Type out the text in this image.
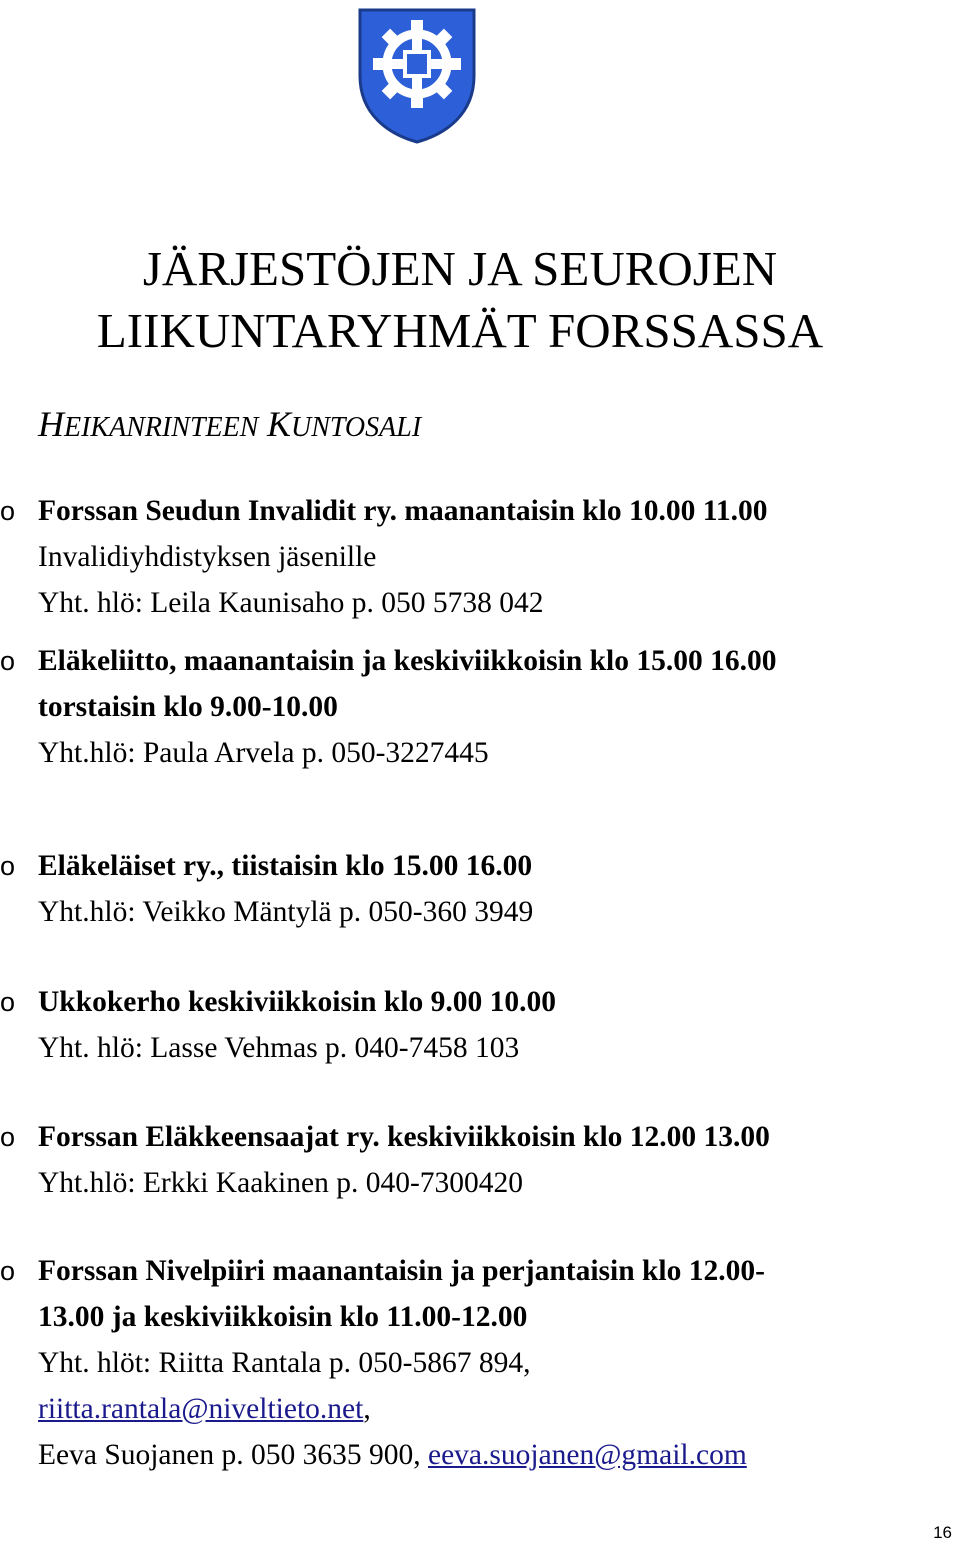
JÄRJESTÖJEN JA SEUROJEN
LIIKUNTARYHMÄT FORSSASSA
HEIKANRINTEEN KUNTOSALI
o Forssan Seudun Invalidit ry. maanantaisin klo 10.00 11.00
Invalidiyhdistyksen jäsenille
Yht. hlö: Leila Kaunisaho p. 050 5738 042
o Eläkeliitto, maanantaisin ja keskiviikkoisin klo 15.00 16.00
torstaisin klo 9.00-10.00
Yht.hlö: Paula Arvela p. 050-3227445
o Eläkeläiset ry., tiistaisin klo 15.00 16.00
Yht.hlö: Veikko Mäntylä p. 050-360 3949
o Ukkokerho keskiviikkoisin klo 9.00 10.00
Yht. hlö: Lasse Vehmas p. 040-7458 103
o Forssan Eläkkeensaajat ry. keskiviikkoisin klo 12.00 13.00
Yht.hlö: Erkki Kaakinen p. 040-7300420
o Forssan Nivelpiiri maanantaisin ja perjantaisin klo 12.00-
13.00 ja keskiviikkoisin klo 11.00-12.00
Yht. hlöt: Riitta Rantala p. 050-5867 894,
riitta.rantala@niveltieto.net,
Eeva Suojanen p. 050 3635 900, eeva.suojanen@gmail.com
16
